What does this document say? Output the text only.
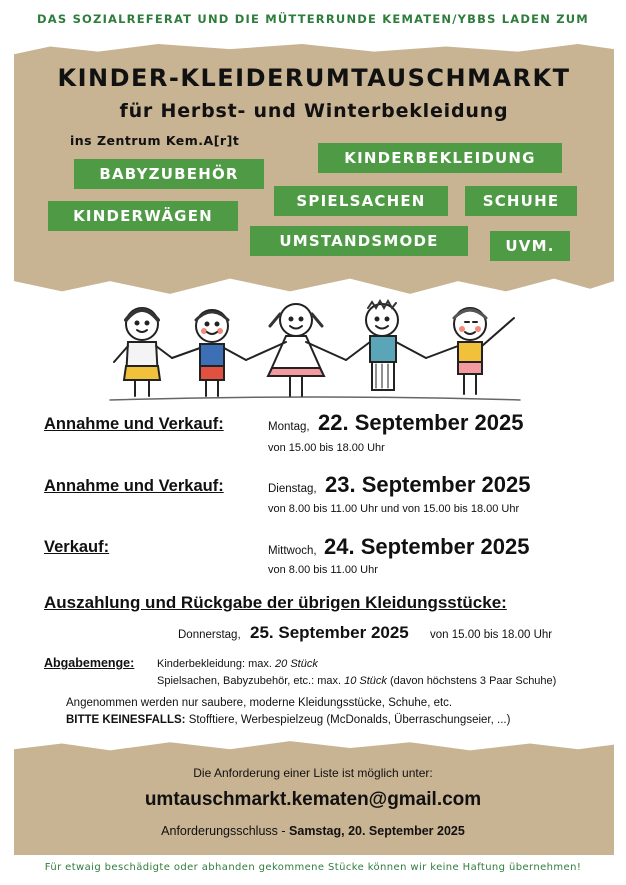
DAS SOZIALREFERAT UND DIE MÜTTERRUNDE KEMATEN/YBBS LADEN ZUM
KINDER-KLEIDERUMTAUSCHMARKT
für Herbst- und Winterbekleidung
ins Zentrum Kem.A[r]t
BABYZUBEHÖR
KINDERBEKLEIDUNG
KINDERWÄGEN
SPIELSACHEN	SCHUHE
UMSTANDSMODE	UVM.
Annahme und Verkauf:	Montag, 22. September 2025
von 15.00 bis 18.00 Uhr
Annahme und Verkauf:	Dienstag, 23. September 2025
von 8.00 bis 11.00 Uhr und von 15.00 bis 18.00 Uhr
Verkauf:	Mittwoch, 24. September 2025
von 8.00 bis 11.00 Uhr
Auszahlung und Rückgabe der übrigen Kleidungsstücke:
Donnerstag, 25. September 2025 von 15.00 bis 18.00 Uhr
Abgabemenge: Kinderbekleidung: max. 20 Stück
Spielsachen, Babyzubehör, etc.: max. 10 Stück (davon höchstens 3 Paar Schuhe)
Angenommen werden nur saubere, moderne Kleidungsstücke, Schuhe, etc.
BITTE KEINESFALLS: Stofftiere, Werbespielzeug (McDonalds, Überraschungseier, ...)
Die Anforderung einer Liste ist möglich unter:
umtauschmarkt.kematen@gmail.com
Anforderungsschluss - Samstag, 20. September 2025
Für etwaig beschädigte oder abhanden gekommene Stücke können wir keine Haftung übernehmen!
